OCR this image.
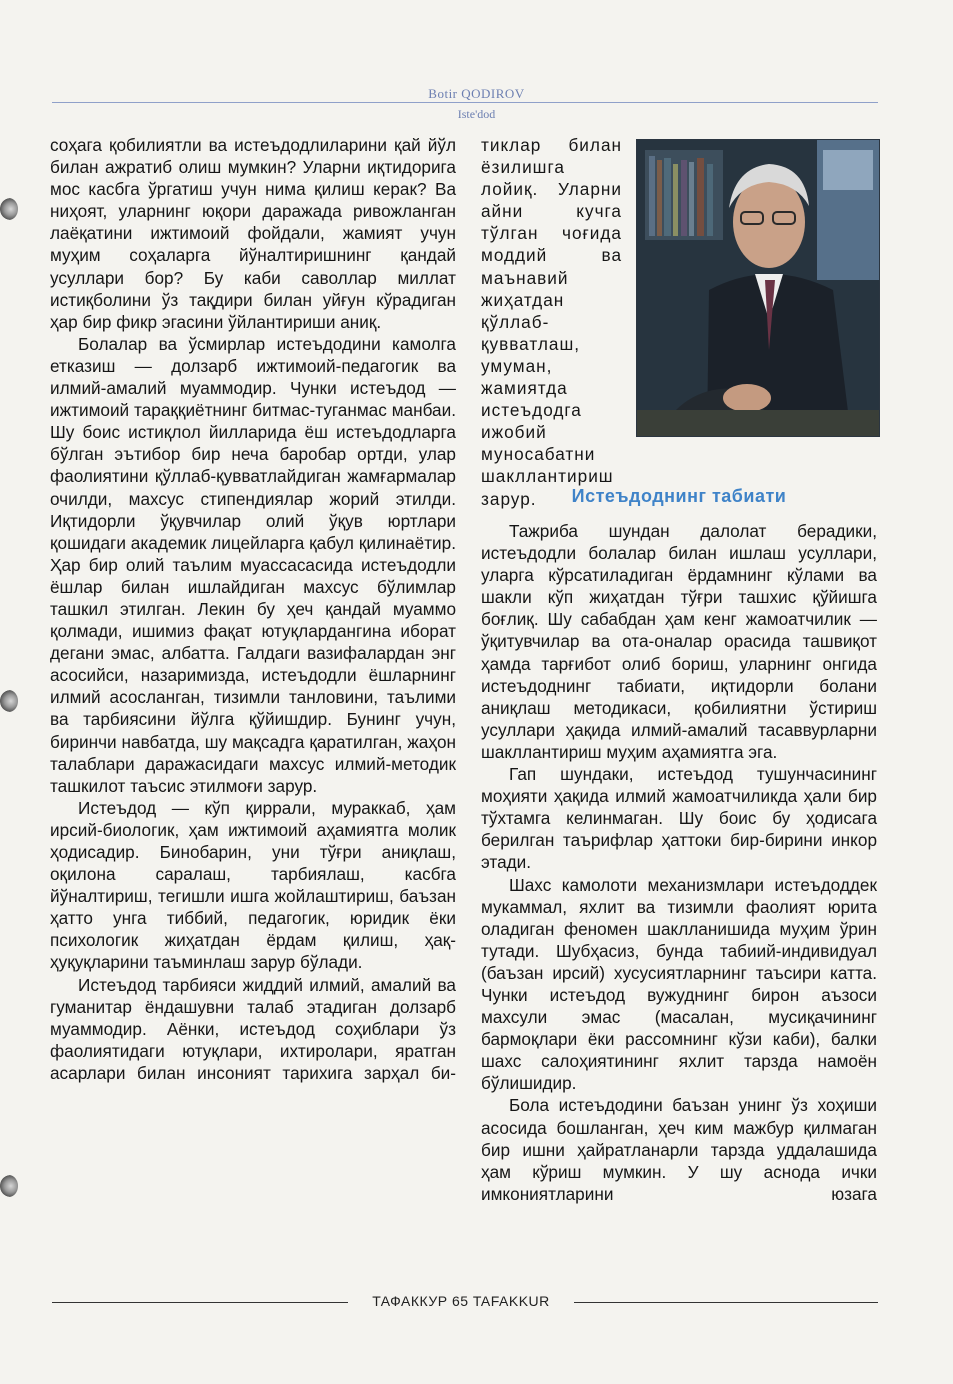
Botir QODIROV
Iste'dod

соҳага қобилиятли ва истеъдодлиларини қай йўл билан ажратиб олиш мумкин? Уларни иқтидорига мос касбга ўргатиш учун нима қилиш керак? Ва ниҳоят, уларнинг юқори даражада ривожланган лаёқатини ижтимоий фойдали, жамият учун муҳим соҳаларга йўналтиришнинг қандай усуллари бор? Бу каби саволлар миллат истиқболини ўз тақдири билан уйғун кўрадиган ҳар бир фикр эгасини ўйлантириши аниқ.

Болалар ва ўсмирлар истеъдодини камолга етказиш — долзарб ижтимоий-педагогик ва илмий-амалий муаммодир. Чунки истеъдод — ижтимоий тараққиётнинг битмас-туганмас манбаи. Шу боис истиқлол йилларида ёш истеъдодларга бўлган эътибор бир неча баробар ортди, улар фаолиятини қўллаб-қувватлайдиган жамғармалар очилди, махсус стипендиялар жорий этилди. Иқтидорли ўқувчилар олий ўқув юртлари қошидаги академик лицейларга қабул қилинаётир. Ҳар бир олий таълим муассасасида истеъдодли ёшлар билан ишлайдиган махсус бўлимлар ташкил этилган. Лекин бу ҳеч қандай муаммо қолмади, ишимиз фақат ютуқлардангина иборат дегани эмас, албатта. Галдаги вазифалардан энг асосийси, назаримизда, истеъдодли ёшларнинг илмий асосланган, тизимли танловини, таълими ва тарбиясини йўлга қўйишдир. Бунинг учун, биринчи навбатда, шу мақсадга қаратилган, жаҳон талаблари даражасидаги махсус илмий-методик ташкилот таъсис этилмоғи зарур.

Истеъдод — кўп қиррали, мураккаб, ҳам ирсий-биологик, ҳам ижтимоий аҳамиятга молик ҳодисадир. Бинобарин, уни тўғри аниқлаш, оқилона саралаш, тарбиялаш, касбга йўналтириш, тегишли ишга жойлаштириш, баъзан ҳатто унга тиббий, педагогик, юридик ёки психологик жиҳатдан ёрдам қилиш, ҳақ-ҳуқуқларини таъминлаш зарур бўлади.

Истеъдод тарбияси жиддий илмий, амалий ва гуманитар ёндашувни талаб этадиган долзарб муаммодир. Аёнки, истеъдод соҳиблари ўз фаолиятидаги ютуқлари, ихтиролари, яратган асарлари билан инсоният тарихига зарҳал би-

тиклар билан ёзилишга лойиқ. Уларни айни кучга тўлган чоғида моддий ва маънавий жиҳатдан қўллаб-қувватлаш, умуман, жамиятда истеъдодга ижобий муносабатни шакллантириш зарур.	Истеъдоднинг табиати

Тажриба шундан далолат берадики, истеъдодли болалар билан ишлаш усуллари, уларга кўрсатиладиган ёрдамнинг кўлами ва шакли кўп жиҳатдан тўғри ташхис қўйишга боғлиқ. Шу сабабдан ҳам кенг жамоатчилик — ўқитувчилар ва ота-оналар орасида ташвиқот ҳамда тарғибот олиб бориш, уларнинг онгида истеъдоднинг табиати, иқтидорли болани аниқлаш методикаси, қобилиятни ўстириш усуллари ҳақида илмий-амалий тасаввурларни шакллантириш муҳим аҳамиятга эга.

Гап шундаки, истеъдод тушунчасининг моҳияти ҳақида илмий жамоатчиликда ҳали бир тўхтамга келинмаган. Шу боис бу ҳодисага берилган таърифлар ҳаттоки бир-бирини инкор этади.

Шахс камолоти механизмлари истеъдоддек мукаммал, яхлит ва тизимли фаолият юрита оладиган феномен шаклланишида муҳим ўрин тутади. Шубҳасиз, бунда табиий-индивидуал (баъзан ирсий) хусусиятларнинг таъсири катта. Чунки истеъдод вужуднинг бирон аъзоси махсули эмас (масалан, мусиқачининг бармоқлари ёки рассомнинг кўзи каби), балки шахс салоҳиятининг яхлит тарзда намоён бўлишидир.

Бола истеъдодини баъзан унинг ўз хоҳиши асосида бошланган, ҳеч ким мажбур қилмаган бир ишни ҳайратланарли тарзда уддалашида ҳам кўриш мумкин. У шу аснода ички имкониятларини юзага

ТАФАККУР 65 TAFAKKUR
